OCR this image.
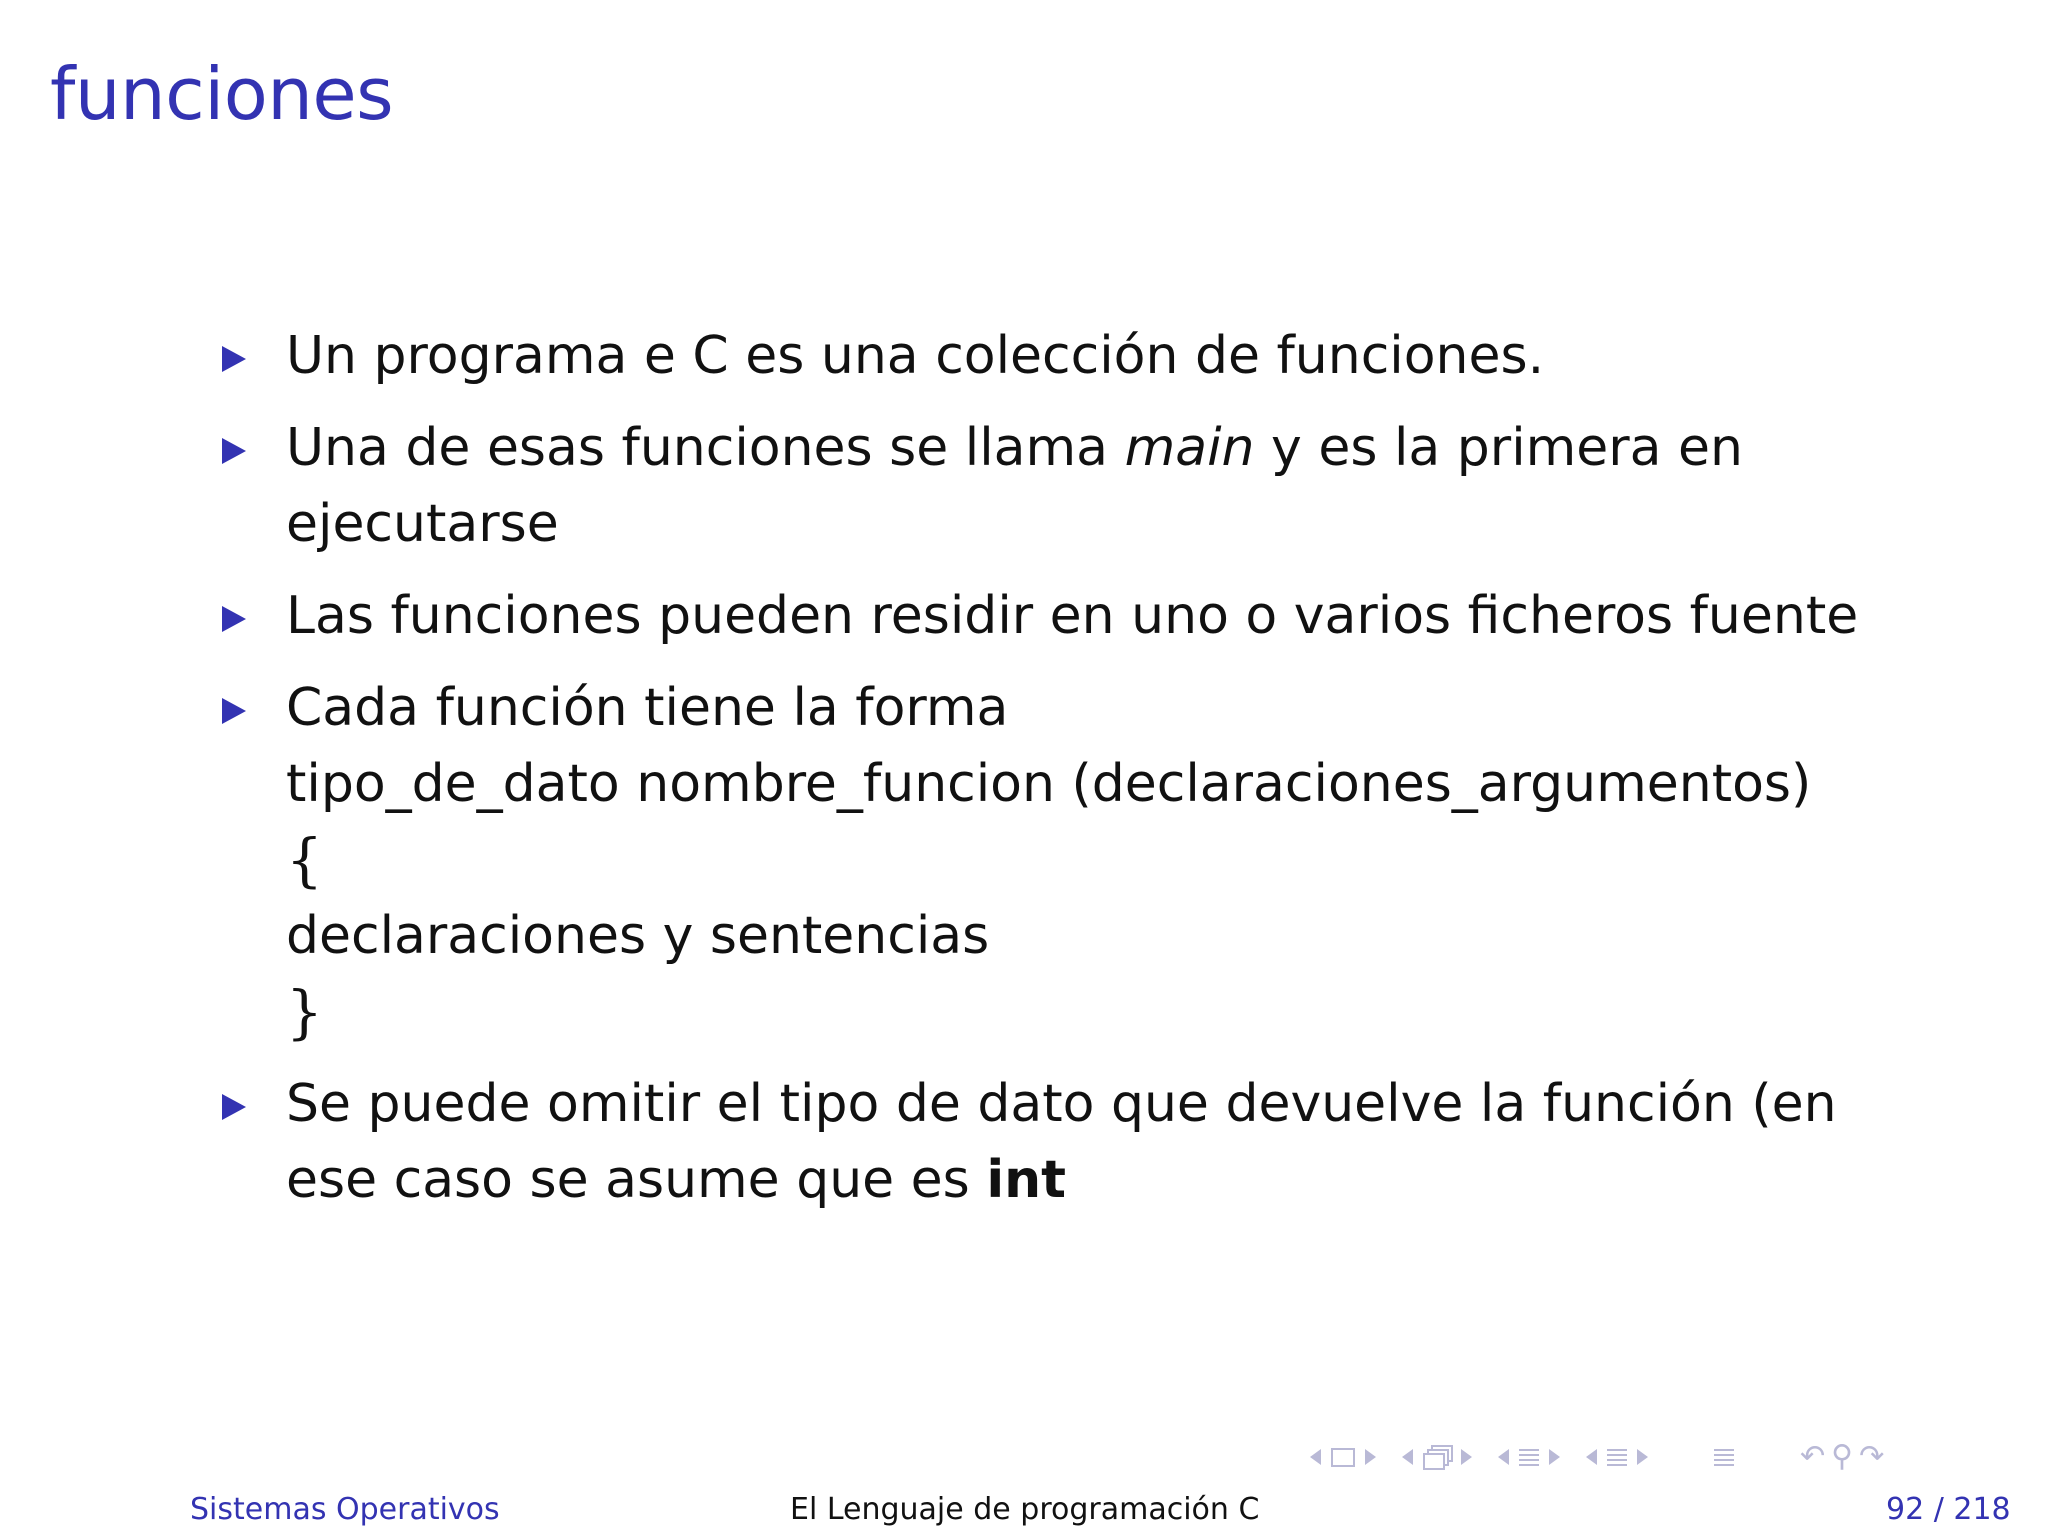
funciones
Un programa e C es una colección de funciones.
Una de esas funciones se llama main y es la primera en
ejecutarse
Las funciones pueden residir en uno o varios ficheros fuente
Cada función tiene la forma
tipo_de_dato nombre_funcion (declaraciones_argumentos)
{
declaraciones y sentencias
}
Se puede omitir el tipo de dato que devuelve la función (en
ese caso se asume que es int
↶ ⚲ ↷
Sistemas Operativos	El Lenguaje de programación C	92 / 218
